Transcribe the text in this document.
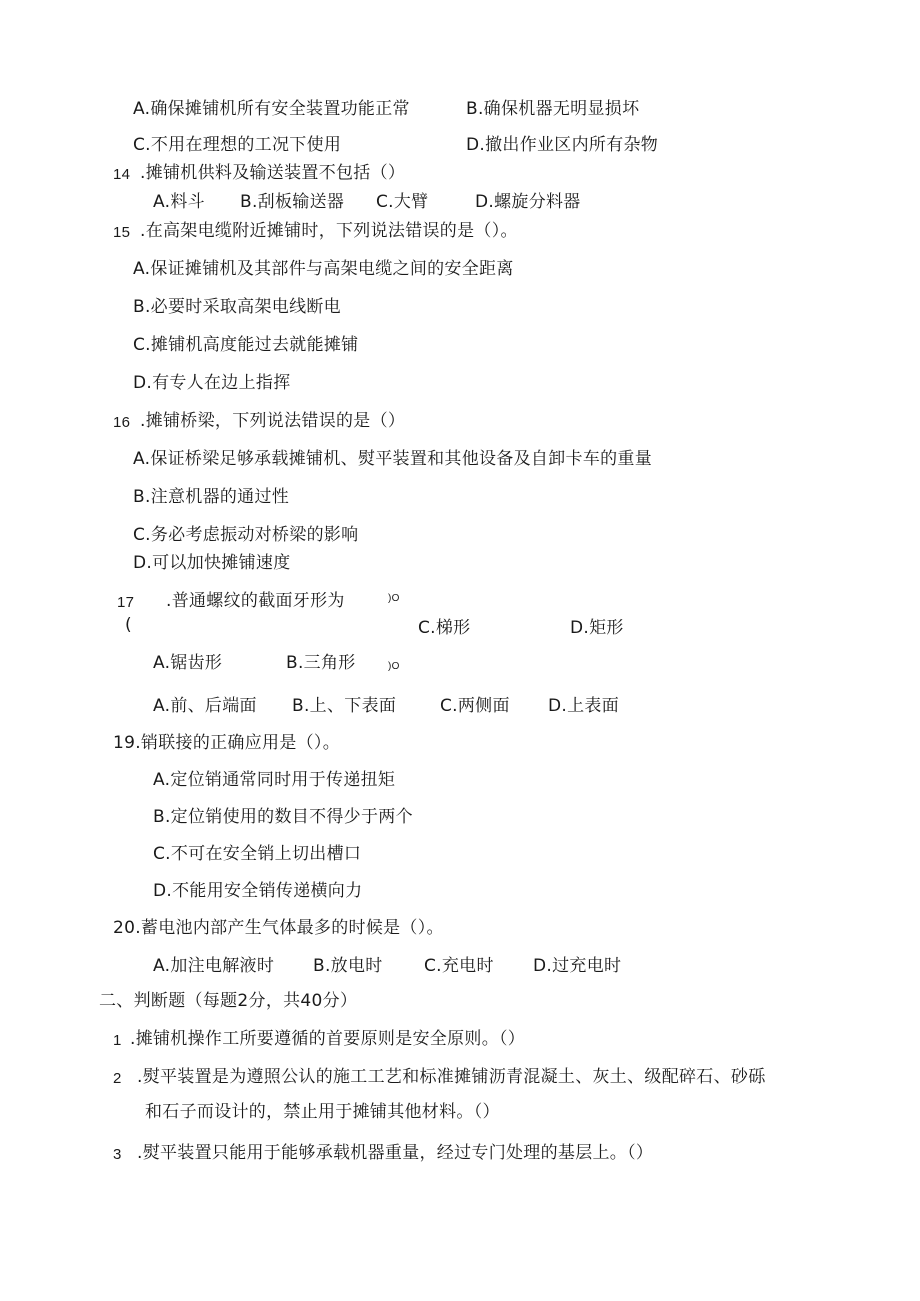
A.确保摊铺机所有安全装置功能正常	B.确保机器无明显损坏
C.不用在理想的工况下使用	D.撤出作业区内所有杂物
14 .摊铺机供料及输送装置不包括（）
A.料斗 B.刮板输送器 C.大臂	D.螺旋分料器
15 .在高架电缆附近摊铺时，下列说法错误的是（）。
A.保证摊铺机及其部件与高架电缆之间的安全距离
B.必要时采取高架电线断电
C.摊铺机高度能过去就能摊铺
D.有专人在边上指挥
16 .摊铺桥梁，下列说法错误的是（）
A.保证桥梁足够承载摊铺机、熨平装置和其他设备及自卸卡车的重量
B.注意机器的通过性
C.务必考虑振动对桥梁的影响
D.可以加快摊铺速度
17 .普通螺纹的截面牙形为	)O
(	C.梯形	D.矩形
A.锯齿形	B.三角形	)O
A.前、后端面 B.上、下表面	C.两侧面 D.上表面
19.销联接的正确应用是（）。
A.定位销通常同时用于传递扭矩
B.定位销使用的数目不得少于两个
C.不可在安全销上切出槽口
D.不能用安全销传递横向力
20.蓄电池内部产生气体最多的时候是（）。
A.加注电解液时 B.放电时 C.充电时 D.过充电时
二、判断题（每题2分，共40分）
1 .摊铺机操作工所要遵循的首要原则是安全原则。（）
2 .熨平装置是为遵照公认的施工工艺和标准摊铺沥青混凝土、灰土、级配碎石、砂砾
和石子而设计的，禁止用于摊铺其他材料。（）
3 .熨平装置只能用于能够承载机器重量，经过专门处理的基层上。（）
